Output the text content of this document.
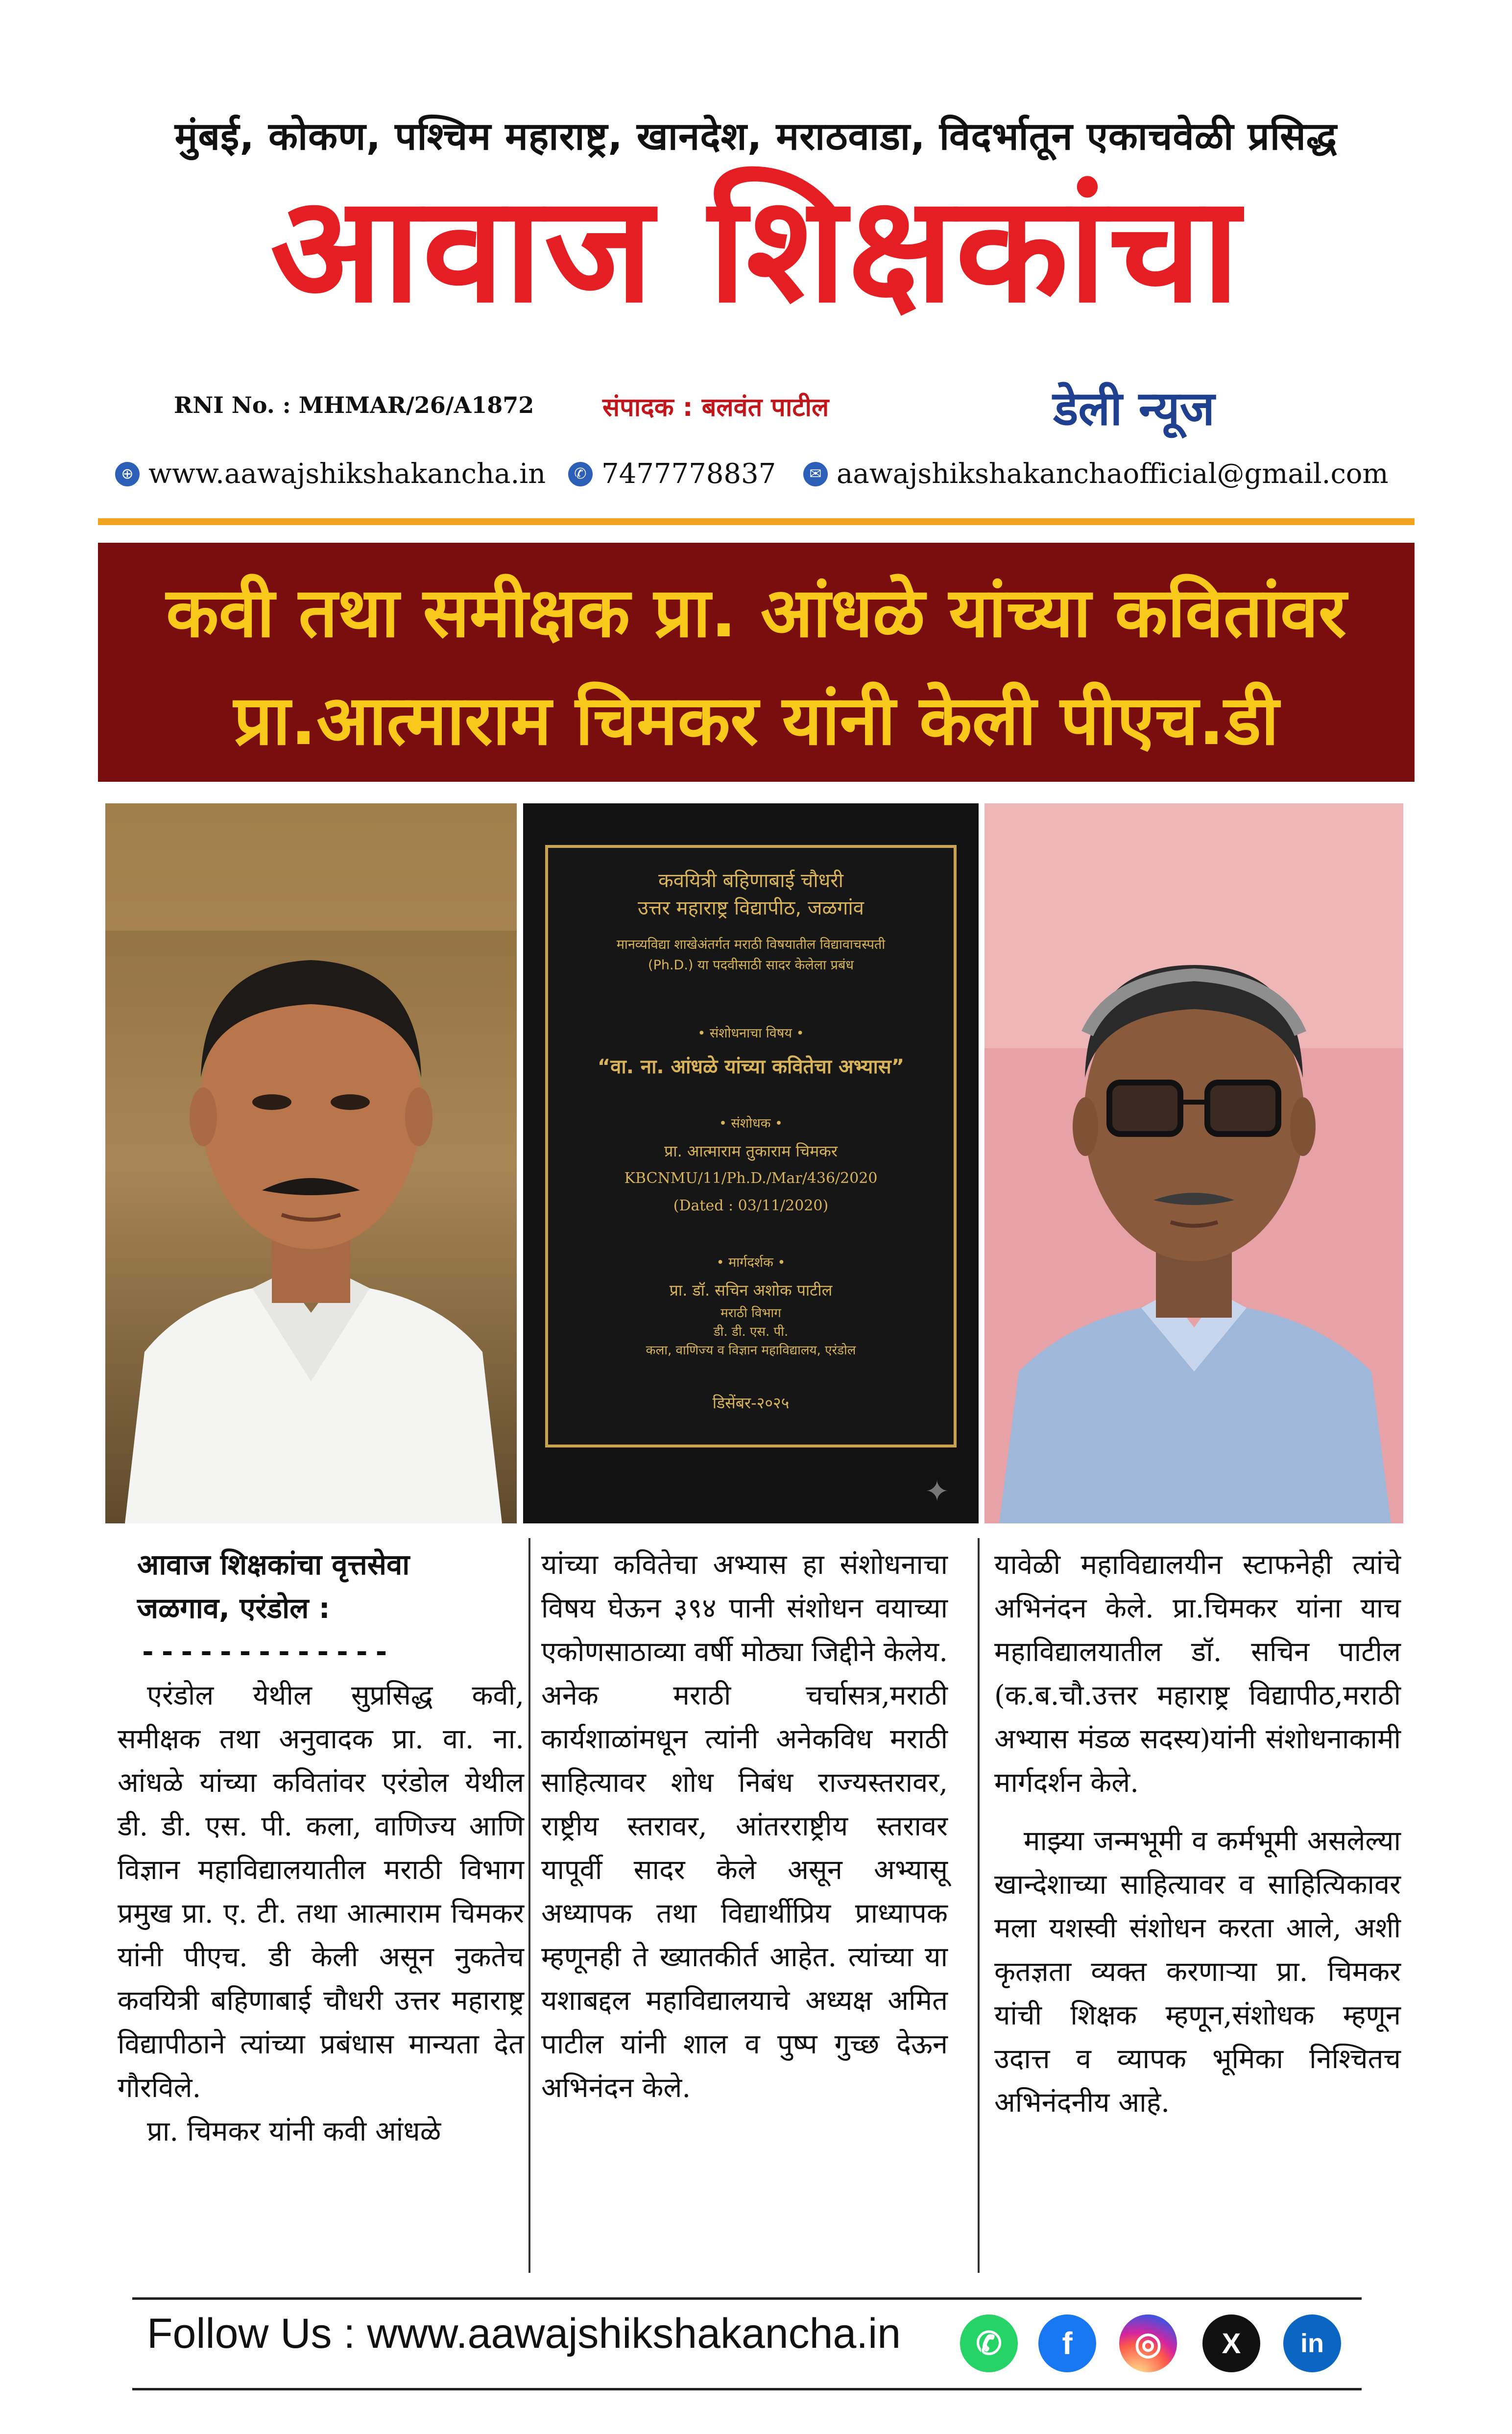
मुंबई, कोकण, पश्चिम महाराष्ट्र, खानदेश, मराठवाडा, विदर्भातून एकाचवेळी प्रसिद्ध
आवाज शिक्षकांचा
RNI No. : MHMAR/26/A1872	संपादक : बलवंत पाटील	डेली न्यूज
⊕ www.aawajshikshakancha.in	✆ 7477778837	✉ aawajshikshakanchaofficial@gmail.com
कवी तथा समीक्षक प्रा. आंधळे यांच्या कवितांवर
प्रा.आत्माराम चिमकर यांनी केली पीएच.डी
कवयित्री बहिणाबाई चौधरी
उत्तर महाराष्ट्र विद्यापीठ, जळगांव
मानव्यविद्या शाखेअंतर्गत मराठी विषयातील विद्यावाचस्पती
(Ph.D.) या पदवीसाठी सादर केलेला प्रबंध
• संशोधनाचा विषय •
“वा. ना. आंधळे यांच्या कवितेचा अभ्यास”
• संशोधक •
प्रा. आत्माराम तुकाराम चिमकर
KBCNMU/11/Ph.D./Mar/436/2020
(Dated : 03/11/2020)
• मार्गदर्शक •
प्रा. डॉ. सचिन अशोक पाटील
मराठी विभाग
डी. डी. एस. पी.
कला, वाणिज्य व विज्ञान महाविद्यालय, एरंडोल
डिसेंबर-२०२५
✦
आवाज शिक्षकांचा वृत्तसेवा
जळगाव, एरंडोल :
-------------

एरंडोल येथील सुप्रसिद्ध कवी, समीक्षक तथा अनुवादक प्रा. वा. ना. आंधळे यांच्या कवितांवर एरंडोल येथील डी. डी. एस. पी. कला, वाणिज्य आणि विज्ञान महाविद्यालयातील मराठी विभाग प्रमुख प्रा. ए. टी. तथा आत्माराम चिमकर यांनी पीएच. डी केली असून नुकतेच कवयित्री बहिणाबाई चौधरी उत्तर महाराष्ट्र विद्यापीठाने त्यांच्या प्रबंधास मान्यता देत गौरविले.

प्रा. चिमकर यांनी कवी आंधळे

यांच्या कवितेचा अभ्यास हा संशोधनाचा विषय घेऊन ३९४ पानी संशोधन वयाच्या एकोणसाठाव्या वर्षी मोठ्या जिद्दीने केलेय. अनेक मराठी चर्चासत्र,मराठी कार्यशाळांमधून त्यांनी अनेकविध मराठी साहित्यावर शोध निबंध राज्यस्तरावर, राष्ट्रीय स्तरावर, आंतरराष्ट्रीय स्तरावर यापूर्वी सादर केले असून अभ्यासू अध्यापक तथा विद्यार्थीप्रिय प्राध्यापक म्हणूनही ते ख्यातकीर्त आहेत. त्यांच्या या यशाबद्दल महाविद्यालयाचे अध्यक्ष अमित पाटील यांनी शाल व पुष्प गुच्छ देऊन अभिनंदन केले.

यावेळी महाविद्यालयीन स्टाफनेही त्यांचे अभिनंदन केले. प्रा.चिमकर यांना याच महाविद्यालयातील डॉ. सचिन पाटील (क.ब.चौ.उत्तर महाराष्ट्र विद्यापीठ,मराठी अभ्यास मंडळ सदस्य)यांनी संशोधनाकामी मार्गदर्शन केले.

माझ्या जन्मभूमी व कर्मभूमी असलेल्या खान्देशाच्या साहित्यावर व साहित्यिकावर मला यशस्वी संशोधन करता आले, अशी कृतज्ञता व्यक्त करणाऱ्या प्रा. चिमकर यांची शिक्षक म्हणून,संशोधक म्हणून उदात्त व व्यापक भूमिका निश्चितच अभिनंदनीय आहे.

Follow Us : www.aawajshikshakancha.in	✆	f	◎	X	in
